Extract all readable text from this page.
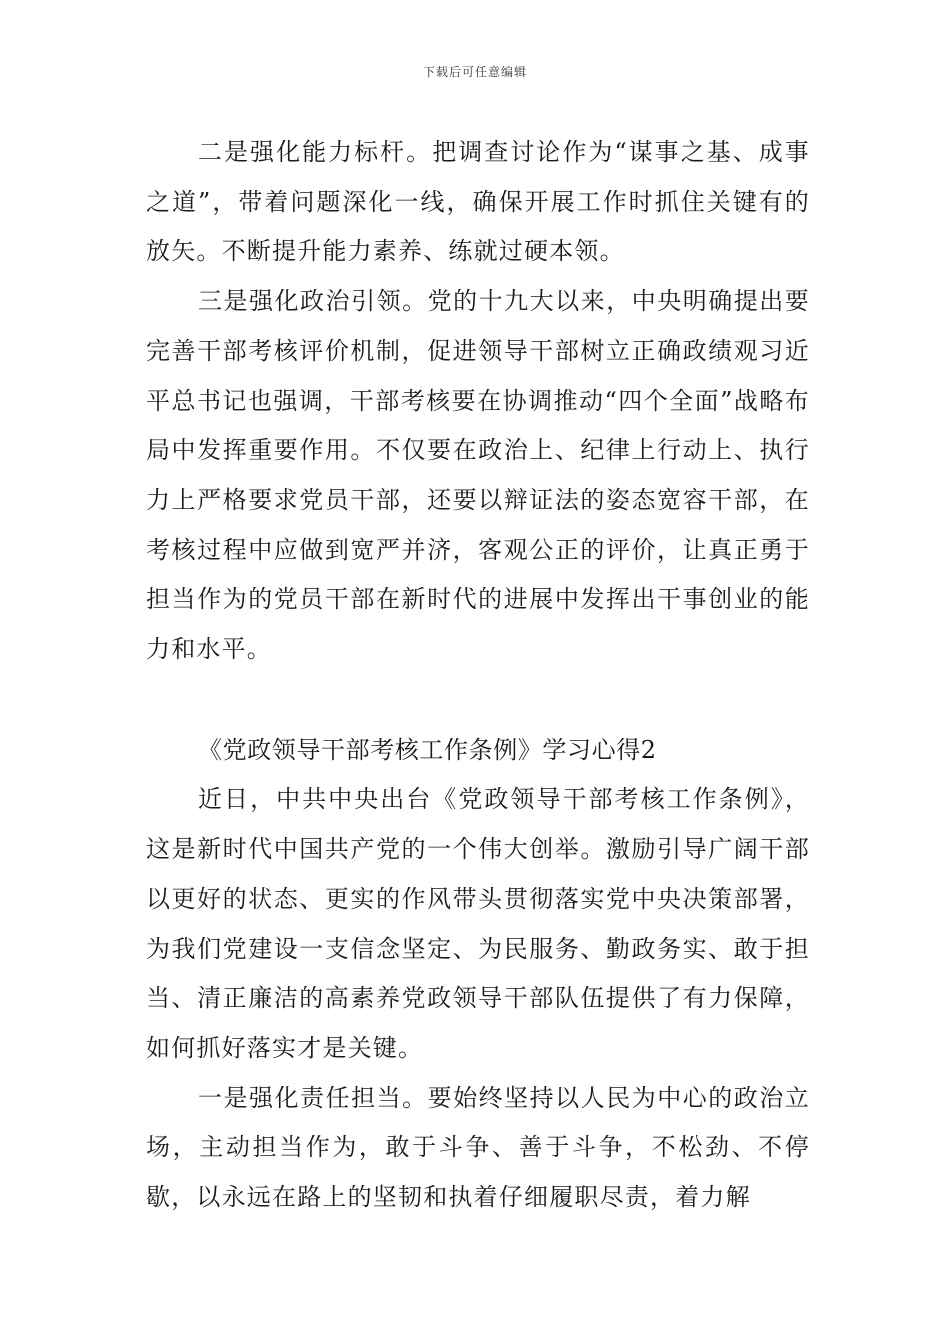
下载后可任意编辑

二是强化能力标杆。把调查讨论作为“谋事之基、成事之道”，带着问题深化一线，确保开展工作时抓住关键有的放矢。不断提升能力素养、练就过硬本领。

三是强化政治引领。党的十九大以来，中央明确提出要完善干部考核评价机制，促进领导干部树立正确政绩观习近平总书记也强调，干部考核要在协调推动“四个全面”战略布局中发挥重要作用。不仅要在政治上、纪律上行动上、执行力上严格要求党员干部，还要以辩证法的姿态宽容干部，在考核过程中应做到宽严并济，客观公正的评价，让真正勇于担当作为的党员干部在新时代的进展中发挥出干事创业的能力和水平。

《党政领导干部考核工作条例》学习心得2

近日，中共中央出台《党政领导干部考核工作条例》，这是新时代中国共产党的一个伟大创举。激励引导广阔干部以更好的状态、更实的作风带头贯彻落实党中央决策部署，为我们党建设一支信念坚定、为民服务、勤政务实、敢于担当、清正廉洁的高素养党政领导干部队伍提供了有力保障，如何抓好落实才是关键。

一是强化责任担当。要始终坚持以人民为中心的政治立场，主动担当作为，敢于斗争、善于斗争，不松劲、不停歇，以永远在路上的坚韧和执着仔细履职尽责，着力解
